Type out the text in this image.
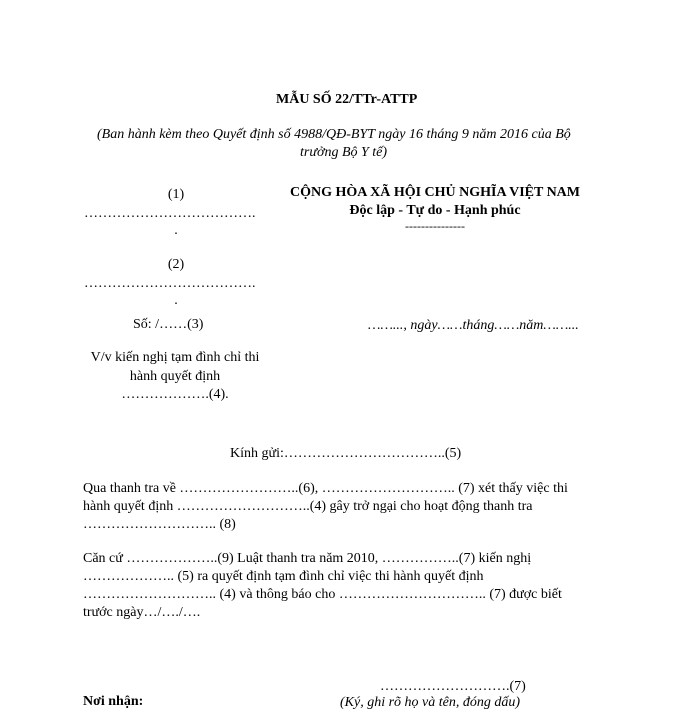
MẪU SỐ 22/TTr-ATTP
(Ban hành kèm theo Quyết định số 4988/QĐ-BYT ngày 16 tháng 9 năm 2016 của Bộ
trưởng Bộ Y tế)
(1)
……………………………….
.
(2)
……………………………….
.
Số: /……(3)
V/v kiến nghị tạm đình chỉ thi
hành quyết định
……………….(4).
CỘNG HÒA XÃ HỘI CHỦ NGHĨA VIỆT NAM
Độc lập - Tự do - Hạnh phúc
---------------
……..., ngày……tháng……năm……...
Kính gửi:……………………………..(5)
Qua thanh tra về ……………………..(6), ……………………….. (7) xét thấy việc thi
hành quyết định ………………………..(4) gây trở ngại cho hoạt động thanh tra
……………………….. (8)
Căn cứ ………………..(9) Luật thanh tra năm 2010, ……………..(7) kiến nghị
……………….. (5) ra quyết định tạm đình chỉ việc thi hành quyết định
……………………….. (4) và thông báo cho ………………………….. (7) được biết
trước ngày…/…./….
……………………….(7)
Nơi nhận:	(Ký, ghi rõ họ và tên, đóng dấu)
